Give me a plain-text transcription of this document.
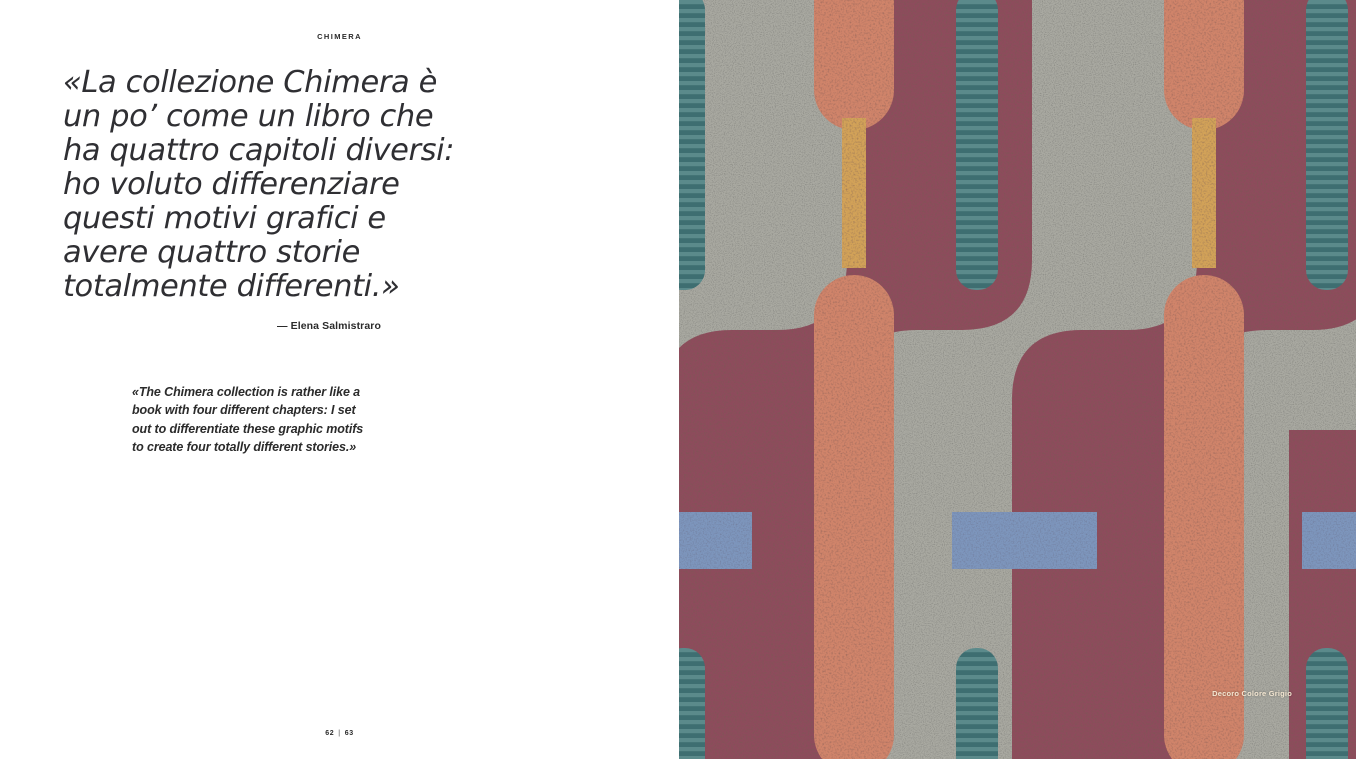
CHIMERA
«La collezione Chimera è un po’ come un libro che ha quattro capitoli diversi: ho voluto differenziare questi motivi grafici e avere quattro storie totalmente differenti.»
— Elena Salmistraro
«The Chimera collection is rather like a book with four different chapters: I set out to differentiate these graphic motifs to create four totally different stories.»
62 | 63
Decoro Colore Grigio
